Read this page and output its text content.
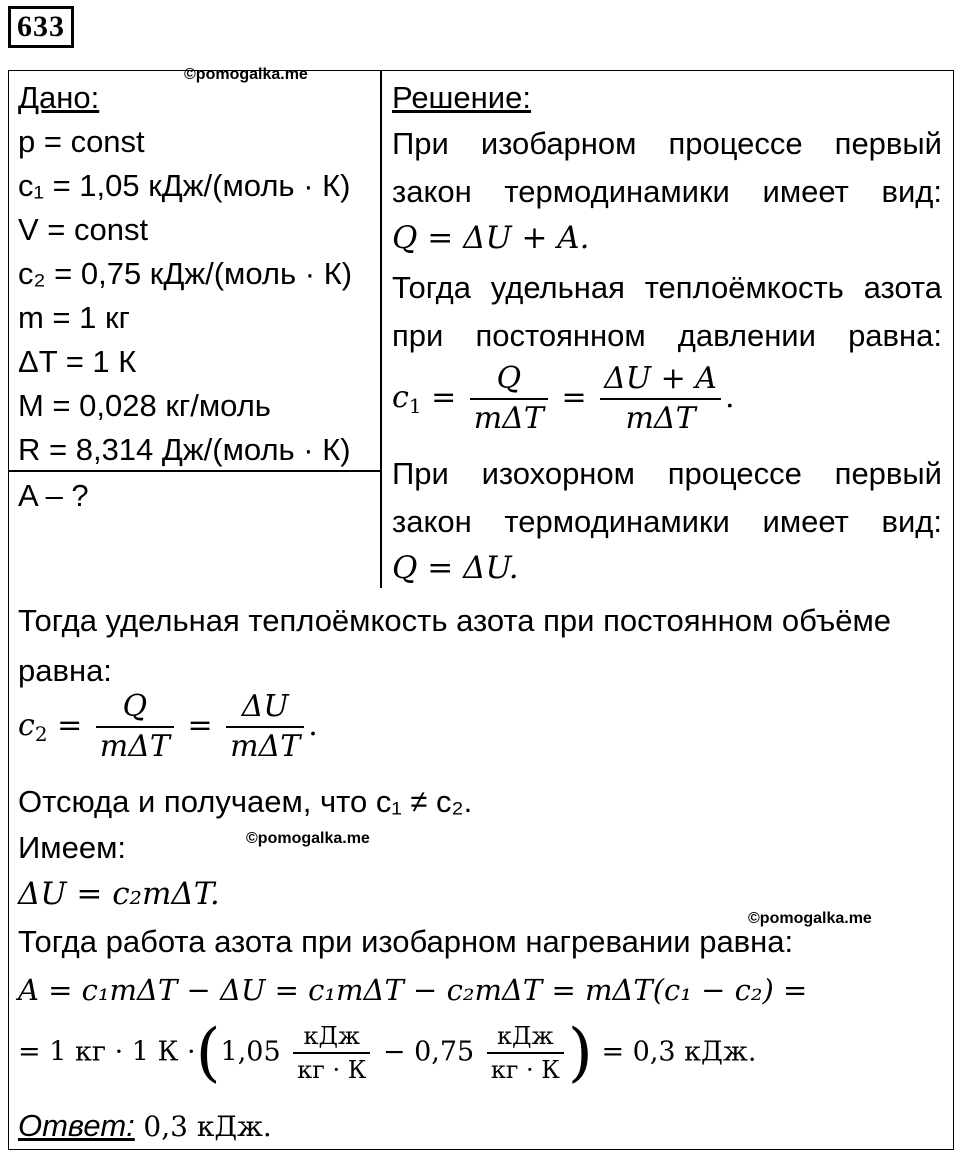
633
©pomogalka.me
©pomogalka.me
©pomogalka.me
Дано:
p = const
c₁ = 1,05 кДж/(моль · К)
V = const
c₂ = 0,75 кДж/(моль · К)
m = 1 кг
ΔT = 1 К
M = 0,028 кг/моль
R = 8,314 Дж/(моль · К)
A – ?
Решение:
При изобарном процессе первый закон термодинамики имеет вид:
Q = ΔU + A.
Тогда удельная теплоёмкость азота при постоянном давлении равна:
$c_1 = \frac{Q}{\text{mΔT}} = \frac{\Delta U + A}{\text{mΔT}}$ .
При изохорном процессе первый закон термодинамики имеет вид:
Q = ΔU.
Тогда удельная теплоёмкость азота при постоянном объёме равна:
$c_2 = \frac{Q}{\text{mΔT}} = \frac{\Delta U}{\text{mΔT}}$ .
Отсюда и получаем, что c₁ ≠ c₂.
Имеем:
ΔU = c₂mΔT.
Тогда работа азота при изобарном нагревании равна:
A = c₁mΔT − ΔU = c₁mΔT − c₂mΔT = mΔT(c₁ − c₂) =
= 1 кг · 1 $К \cdot(1,05 \frac{\text{кДж}}{кг \cdot К} - 0,75 \frac{\text{кДж}}{кг \cdot К}$ ) = 0,3 кДж.
Ответ: 0,3 кДж.
